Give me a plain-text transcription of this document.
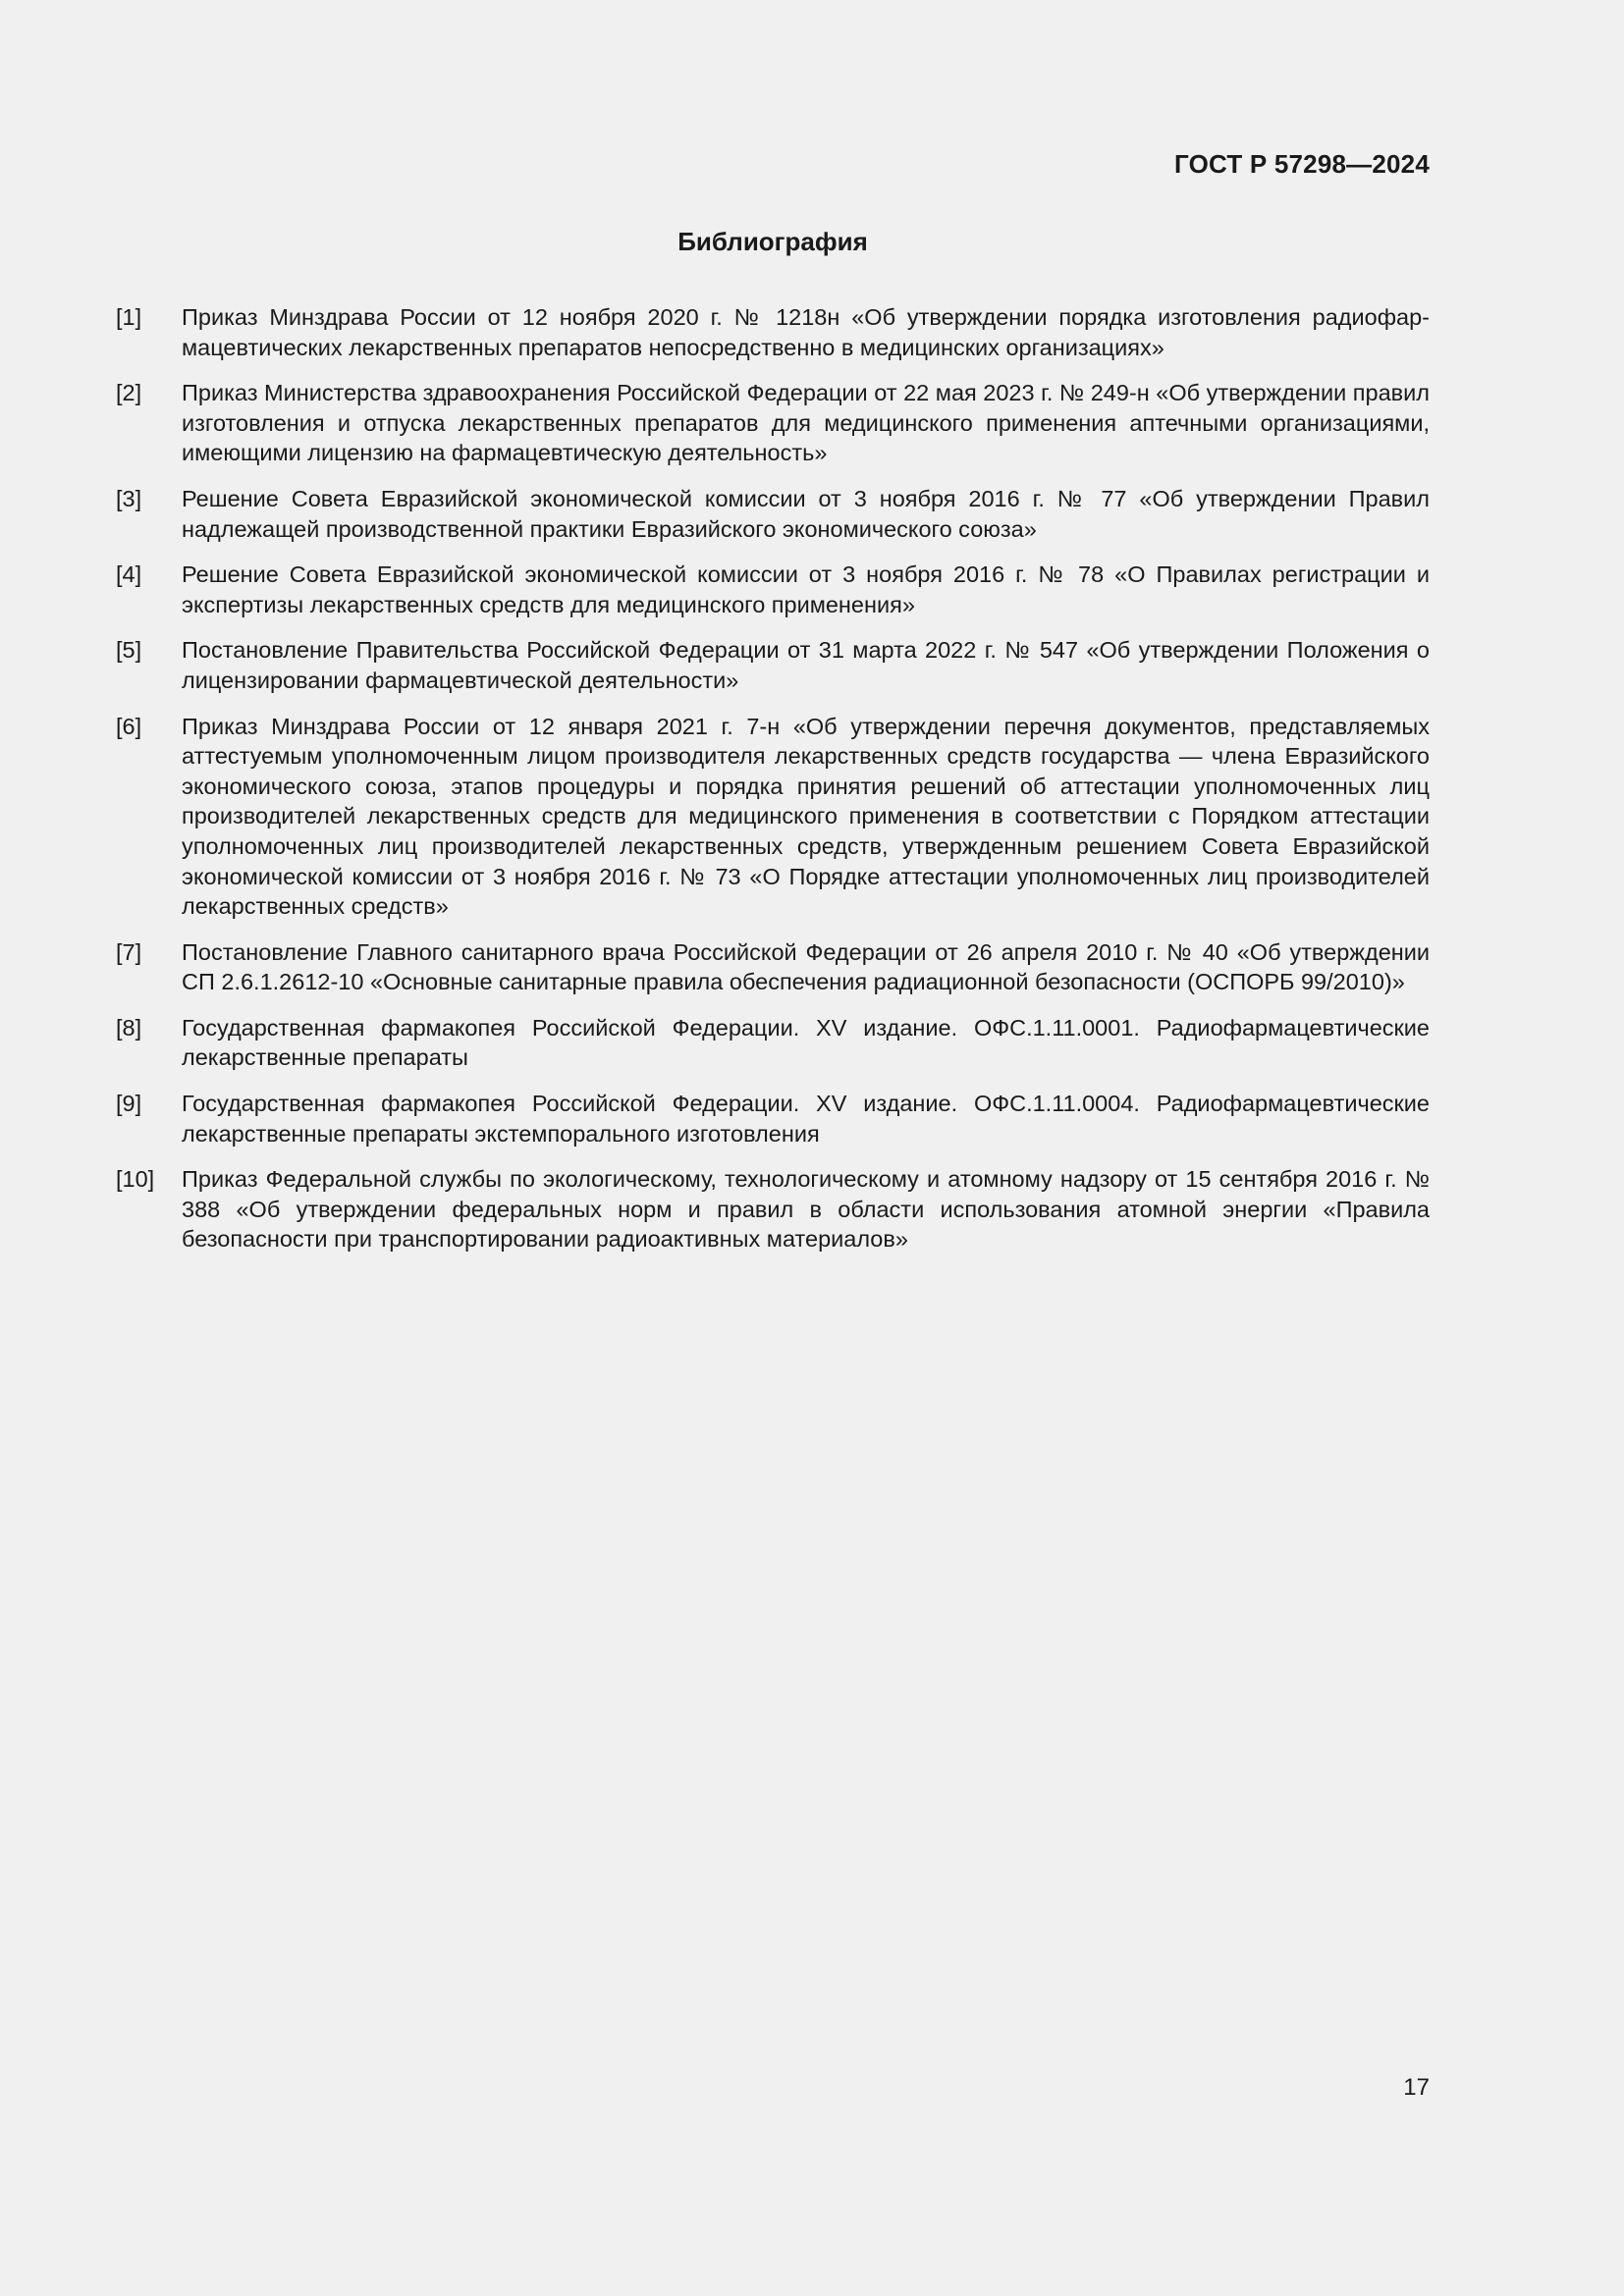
ГОСТ Р 57298—2024
Библиография
[1]	Приказ Минздрава России от 12 ноября 2020 г. № 1218н «Об утверждении порядка изготовления радиофармацевтических лекарственных препаратов непосредственно в медицинских организациях»
[2]	Приказ Министерства здравоохранения Российской Федерации от 22 мая 2023 г. № 249-н «Об утверждении правил изготовления и отпуска лекарственных препаратов для медицинского применения аптечными организациями, имеющими лицензию на фармацевтическую деятельность»
[3]	Решение Совета Евразийской экономической комиссии от 3 ноября 2016 г. № 77 «Об утверждении Правил надлежащей производственной практики Евразийского экономического союза»
[4]	Решение Совета Евразийской экономической комиссии от 3 ноября 2016 г. № 78 «О Правилах регистрации и экспертизы лекарственных средств для медицинского применения»
[5]	Постановление Правительства Российской Федерации от 31 марта 2022 г. № 547 «Об утверждении Положения о лицензировании фармацевтической деятельности»
[6]	Приказ Минздрава России от 12 января 2021 г. 7-н «Об утверждении перечня документов, представляемых аттестуемым уполномоченным лицом производителя лекарственных средств государства — члена Евразийского экономического союза, этапов процедуры и порядка принятия решений об аттестации уполномоченных лиц производителей лекарственных средств для медицинского применения в соответствии с Порядком аттестации уполномоченных лиц производителей лекарственных средств, утвержденным решением Совета Евразийской экономической комиссии от 3 ноября 2016 г. № 73 «О Порядке аттестации уполномоченных лиц производителей лекарственных средств»
[7]	Постановление Главного санитарного врача Российской Федерации от 26 апреля 2010 г. № 40 «Об утверждении СП 2.6.1.2612-10 «Основные санитарные правила обеспечения радиационной безопасности (ОСПОРБ 99/2010)»
[8]	Государственная фармакопея Российской Федерации. XV издание. ОФС.1.11.0001. Радиофармацевтические лекарственные препараты
[9]	Государственная фармакопея Российской Федерации. XV издание. ОФС.1.11.0004. Радиофармацевтические лекарственные препараты экстемпорального изготовления
[10]	Приказ Федеральной службы по экологическому, технологическому и атомному надзору от 15 сентября 2016 г. № 388 «Об утверждении федеральных норм и правил в области использования атомной энергии «Правила безопасности при транспортировании радиоактивных материалов»
17
